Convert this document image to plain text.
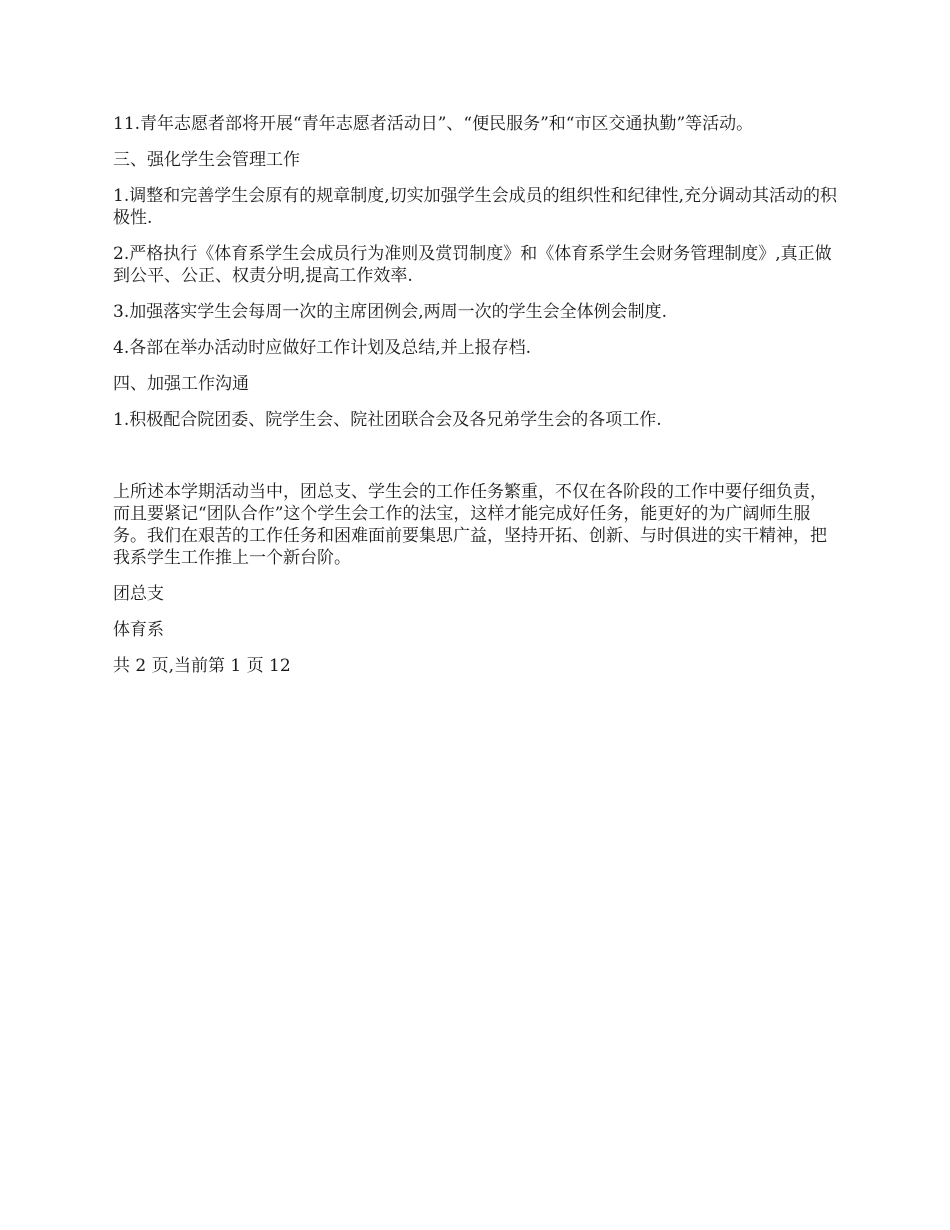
11.青年志愿者部将开展“青年志愿者活动日”、“便民服务”和“市区交通执勤”等活动。

三、强化学生会管理工作

1.调整和完善学生会原有的规章制度,切实加强学生会成员的组织性和纪律性,充分调动其活动的积极性.

2.严格执行《体育系学生会成员行为准则及赏罚制度》和《体育系学生会财务管理制度》,真正做到公平、公正、权责分明,提高工作效率.

3.加强落实学生会每周一次的主席团例会,两周一次的学生会全体例会制度.

4.各部在举办活动时应做好工作计划及总结,并上报存档.

四、加强工作沟通

1.积极配合院团委、院学生会、院社团联合会及各兄弟学生会的各项工作.

上所述本学期活动当中，团总支、学生会的工作任务繁重，不仅在各阶段的工作中要仔细负责，而且要紧记“团队合作”这个学生会工作的法宝，这样才能完成好任务，能更好的为广阔师生服务。我们在艰苦的工作任务和困难面前要集思广益，坚持开拓、创新、与时俱进的实干精神，把我系学生工作推上一个新台阶。

团总支

体育系

共 2 页,当前第 1 页 12
